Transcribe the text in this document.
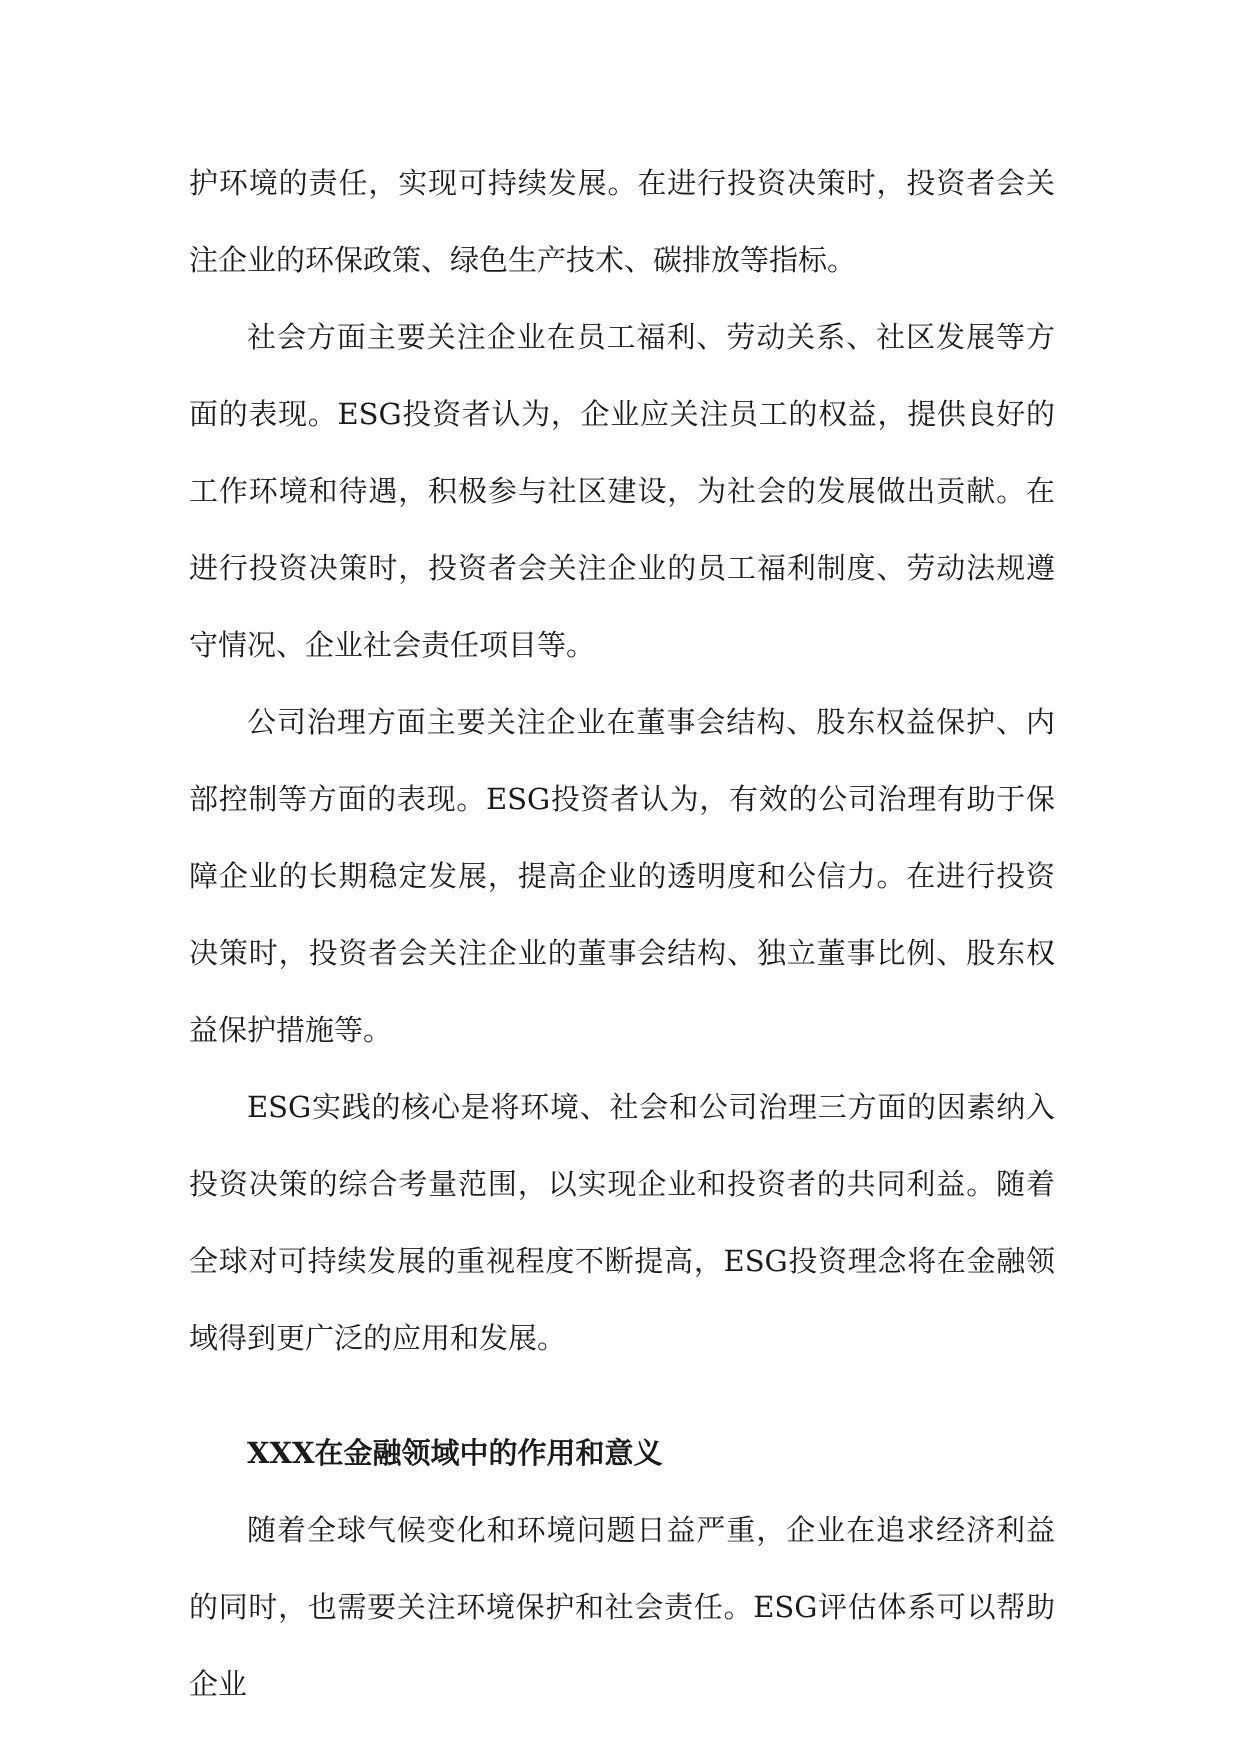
护环境的责任，实现可持续发展。在进行投资决策时，投资者会关注企业的环保政策、绿色生产技术、碳排放等指标。

社会方面主要关注企业在员工福利、劳动关系、社区发展等方面的表现。ESG投资者认为，企业应关注员工的权益，提供良好的工作环境和待遇，积极参与社区建设，为社会的发展做出贡献。在进行投资决策时，投资者会关注企业的员工福利制度、劳动法规遵守情况、企业社会责任项目等。

公司治理方面主要关注企业在董事会结构、股东权益保护、内部控制等方面的表现。ESG投资者认为，有效的公司治理有助于保障企业的长期稳定发展，提高企业的透明度和公信力。在进行投资决策时，投资者会关注企业的董事会结构、独立董事比例、股东权益保护措施等。

ESG实践的核心是将环境、社会和公司治理三方面的因素纳入投资决策的综合考量范围，以实现企业和投资者的共同利益。随着全球对可持续发展的重视程度不断提高，ESG投资理念将在金融领域得到更广泛的应用和发展。

XXX在金融领域中的作用和意义

随着全球气候变化和环境问题日益严重，企业在追求经济利益的同时，也需要关注环境保护和社会责任。ESG评估体系可以帮助企业
